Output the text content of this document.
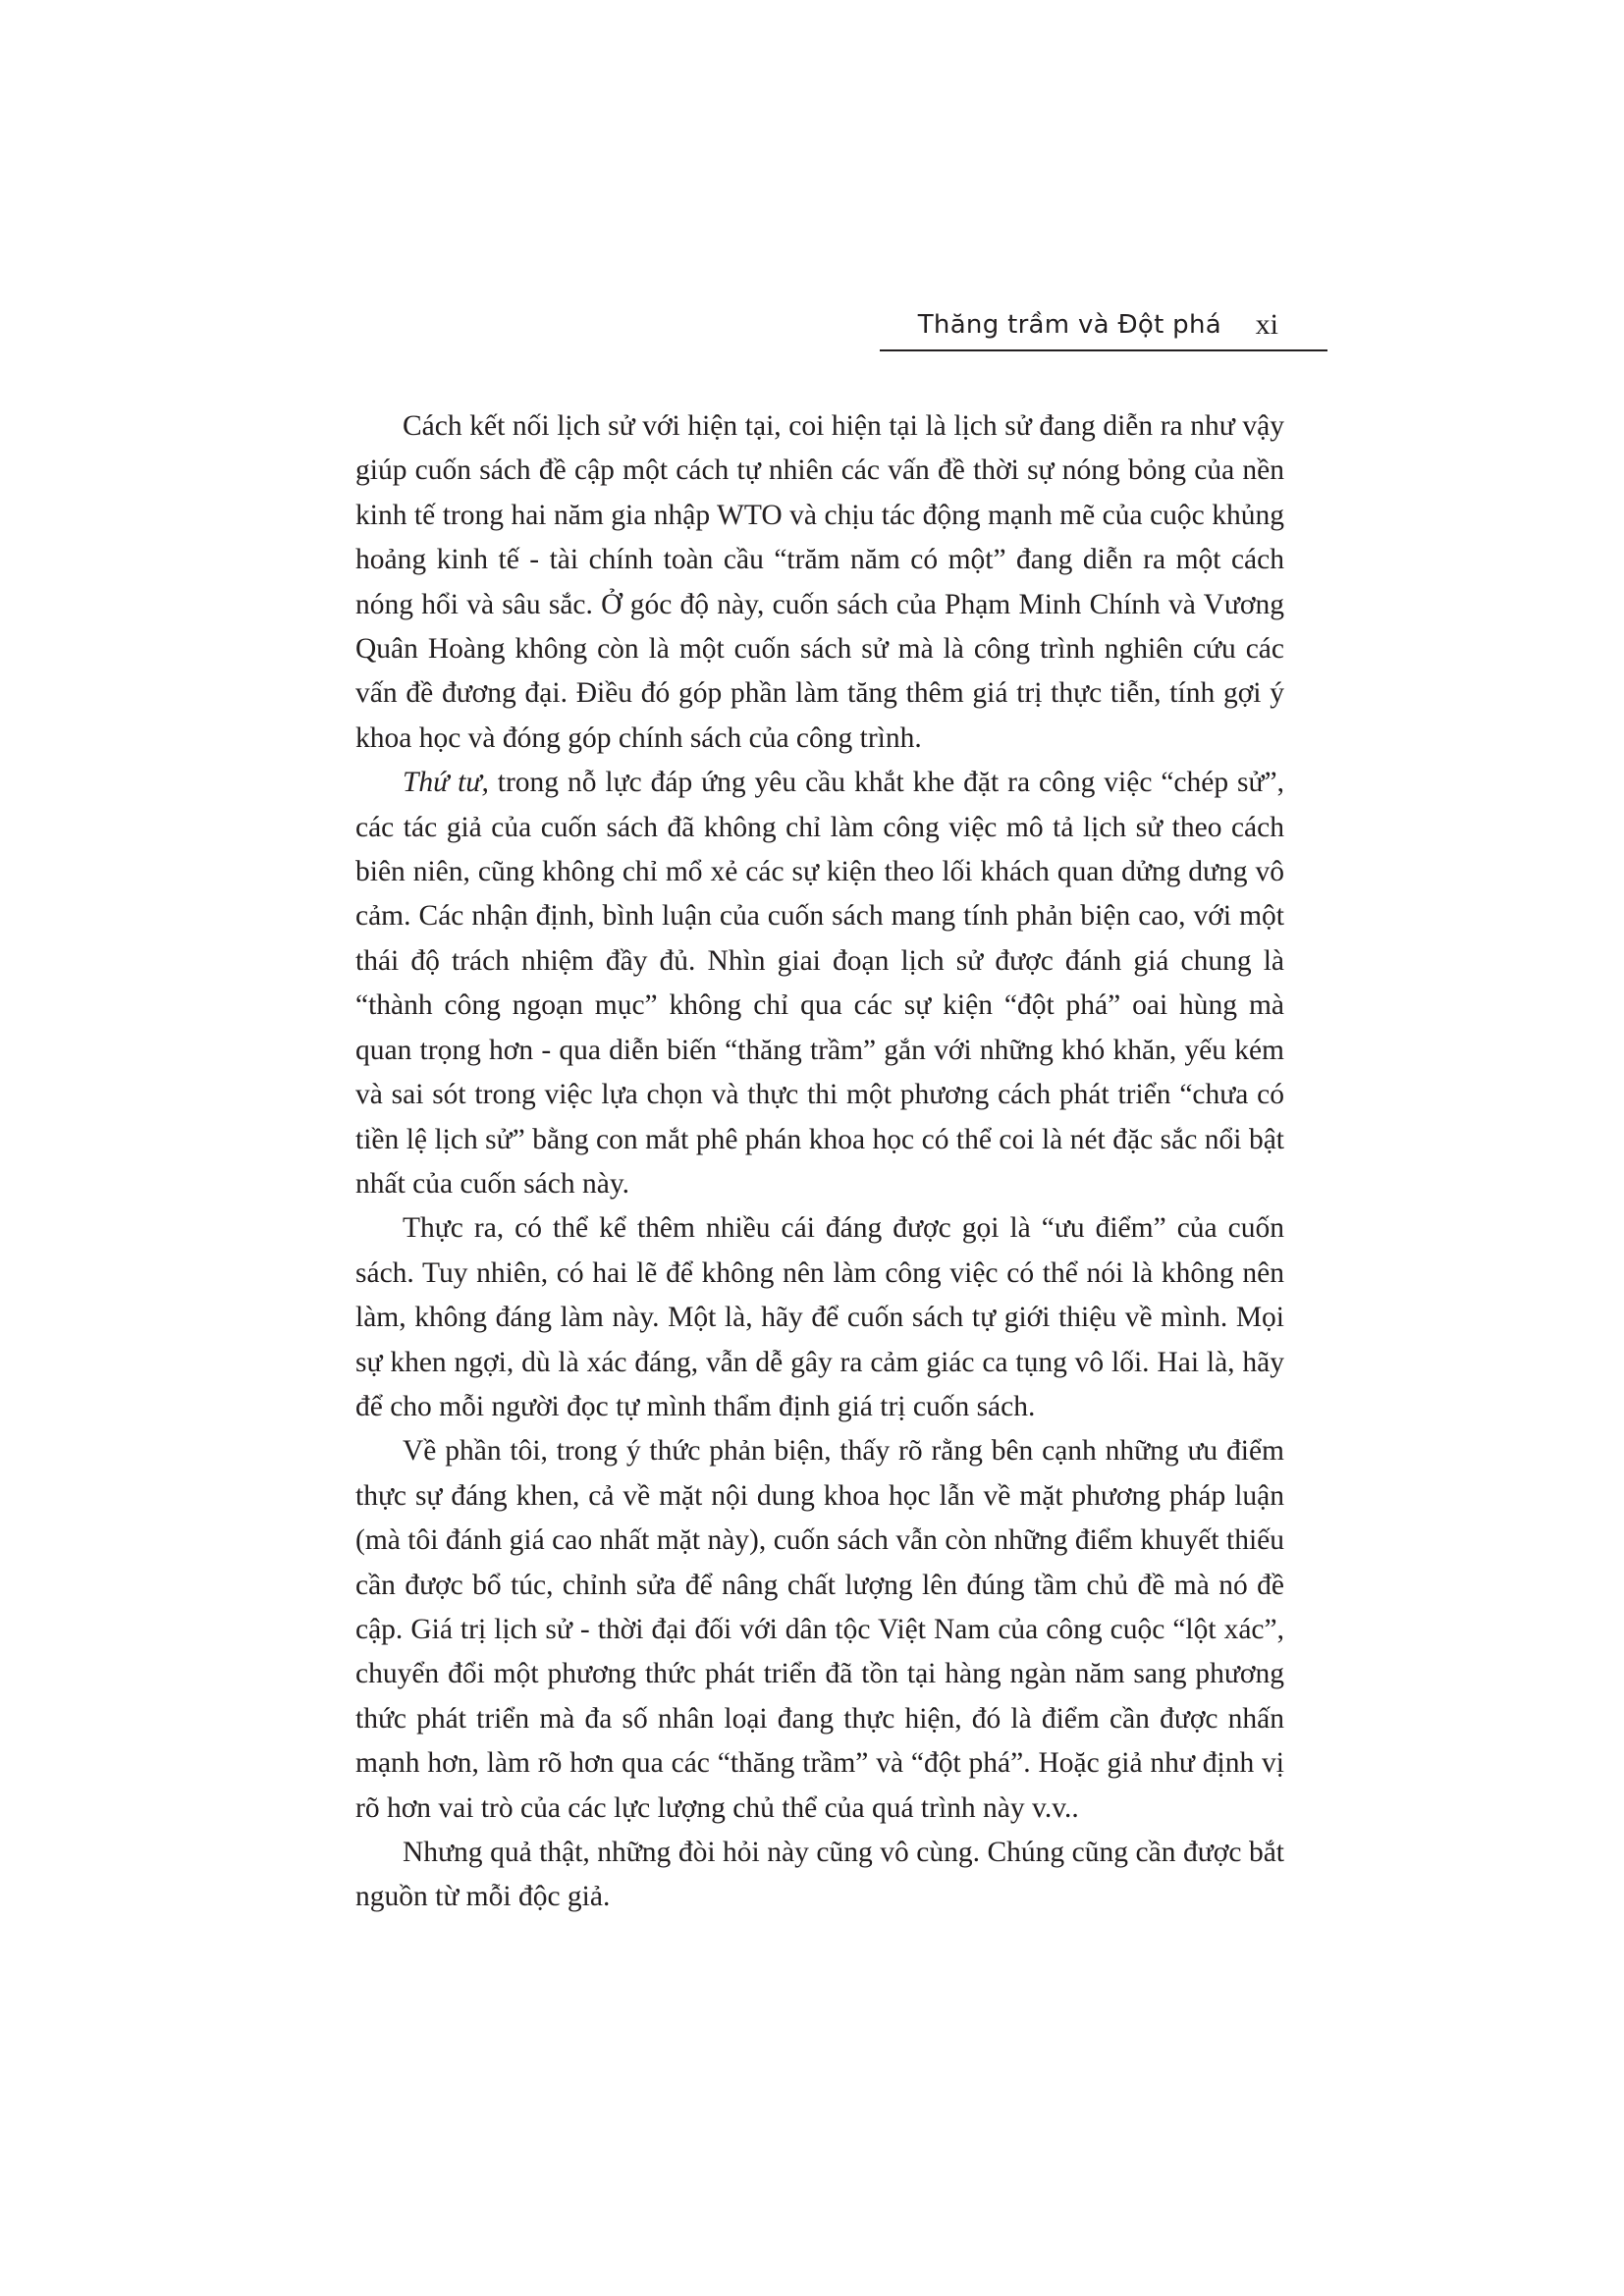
Thăng trầm và Đột phá xi

Cách kết nối lịch sử với hiện tại, coi hiện tại là lịch sử đang diễn ra như vậy giúp cuốn sách đề cập một cách tự nhiên các vấn đề thời sự nóng bỏng của nền kinh tế trong hai năm gia nhập WTO và chịu tác động mạnh mẽ của cuộc khủng hoảng kinh tế - tài chính toàn cầu “trăm năm có một” đang diễn ra một cách nóng hổi và sâu sắc. Ở góc độ này, cuốn sách của Phạm Minh Chính và Vương Quân Hoàng không còn là một cuốn sách sử mà là công trình nghiên cứu các vấn đề đương đại. Điều đó góp phần làm tăng thêm giá trị thực tiễn, tính gợi ý khoa học và đóng góp chính sách của công trình.

Thứ tư, trong nỗ lực đáp ứng yêu cầu khắt khe đặt ra công việc “chép sử”, các tác giả của cuốn sách đã không chỉ làm công việc mô tả lịch sử theo cách biên niên, cũng không chỉ mổ xẻ các sự kiện theo lối khách quan dửng dưng vô cảm. Các nhận định, bình luận của cuốn sách mang tính phản biện cao, với một thái độ trách nhiệm đầy đủ. Nhìn giai đoạn lịch sử được đánh giá chung là “thành công ngoạn mục” không chỉ qua các sự kiện “đột phá” oai hùng mà quan trọng hơn - qua diễn biến “thăng trầm” gắn với những khó khăn, yếu kém và sai sót trong việc lựa chọn và thực thi một phương cách phát triển “chưa có tiền lệ lịch sử” bằng con mắt phê phán khoa học có thể coi là nét đặc sắc nổi bật nhất của cuốn sách này.

Thực ra, có thể kể thêm nhiều cái đáng được gọi là “ưu điểm” của cuốn sách. Tuy nhiên, có hai lẽ để không nên làm công việc có thể nói là không nên làm, không đáng làm này. Một là, hãy để cuốn sách tự giới thiệu về mình. Mọi sự khen ngợi, dù là xác đáng, vẫn dễ gây ra cảm giác ca tụng vô lối. Hai là, hãy để cho mỗi người đọc tự mình thẩm định giá trị cuốn sách.

Về phần tôi, trong ý thức phản biện, thấy rõ rằng bên cạnh những ưu điểm thực sự đáng khen, cả về mặt nội dung khoa học lẫn về mặt phương pháp luận (mà tôi đánh giá cao nhất mặt này), cuốn sách vẫn còn những điểm khuyết thiếu cần được bổ túc, chỉnh sửa để nâng chất lượng lên đúng tầm chủ đề mà nó đề cập. Giá trị lịch sử - thời đại đối với dân tộc Việt Nam của công cuộc “lột xác”, chuyển đổi một phương thức phát triển đã tồn tại hàng ngàn năm sang phương thức phát triển mà đa số nhân loại đang thực hiện, đó là điểm cần được nhấn mạnh hơn, làm rõ hơn qua các “thăng trầm” và “đột phá”. Hoặc giả như định vị rõ hơn vai trò của các lực lượng chủ thể của quá trình này v.v..

Nhưng quả thật, những đòi hỏi này cũng vô cùng. Chúng cũng cần được bắt nguồn từ mỗi độc giả.
